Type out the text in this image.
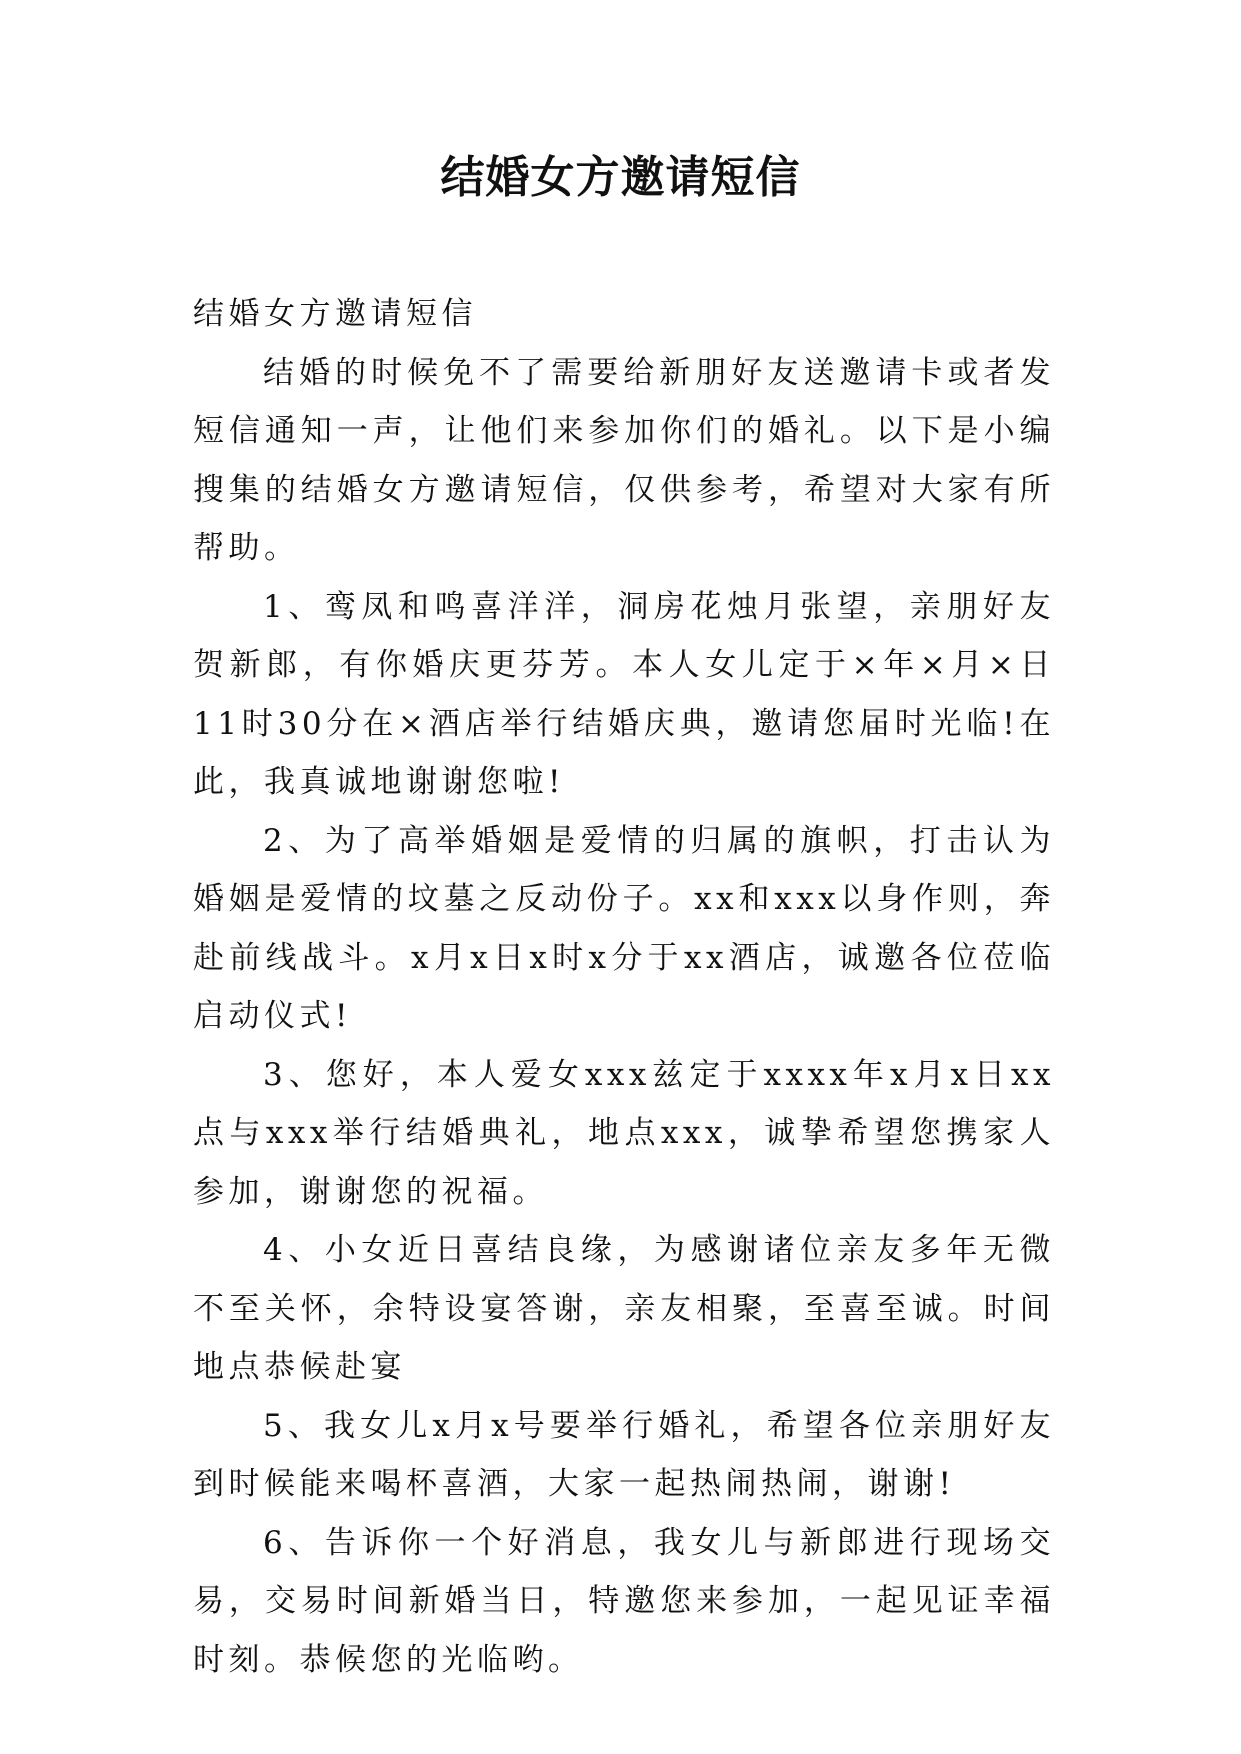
结婚女方邀请短信

结婚女方邀请短信

结婚的时候免不了需要给新朋好友送邀请卡或者发短信通知一声，让他们来参加你们的婚礼。以下是小编搜集的结婚女方邀请短信，仅供参考，希望对大家有所帮助。

1、鸾凤和鸣喜洋洋，洞房花烛月张望，亲朋好友贺新郎，有你婚庆更芬芳。本人女儿定于×年×月×日11时30分在×酒店举行结婚庆典，邀请您届时光临!在此，我真诚地谢谢您啦!

2、为了高举婚姻是爱情的归属的旗帜，打击认为婚姻是爱情的坟墓之反动份子。xx和xxx以身作则，奔赴前线战斗。x月x日x时x分于xx酒店，诚邀各位莅临启动仪式!

3、您好，本人爱女xxx兹定于xxxx年x月x日xx点与xxx举行结婚典礼，地点xxx，诚挚希望您携家人参加，谢谢您的祝福。

4、小女近日喜结良缘，为感谢诸位亲友多年无微不至关怀，余特设宴答谢，亲友相聚，至喜至诚。时间地点恭候赴宴

5、我女儿x月x号要举行婚礼，希望各位亲朋好友到时候能来喝杯喜酒，大家一起热闹热闹，谢谢!

6、告诉你一个好消息，我女儿与新郎进行现场交易，交易时间新婚当日，特邀您来参加，一起见证幸福时刻。恭候您的光临哟。
